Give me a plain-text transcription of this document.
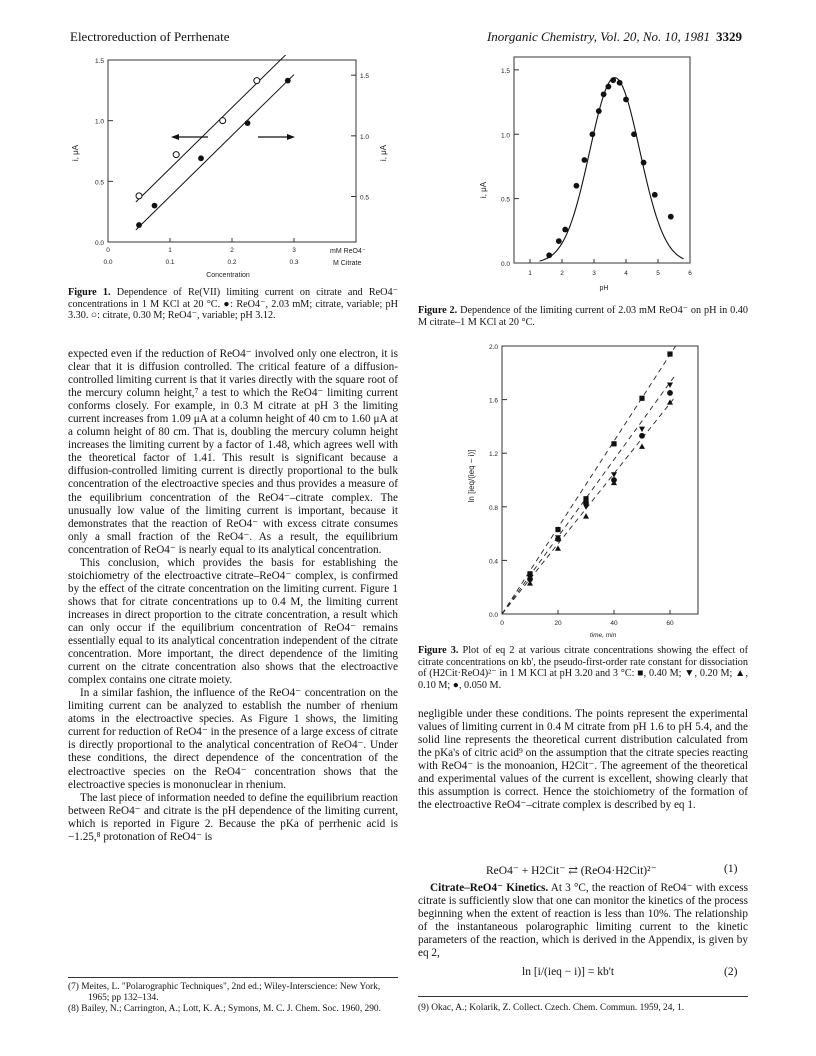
Electroreduction of Perrhenate	Inorganic Chemistry, Vol. 20, No. 10, 1981 3329
0.0
0.5
1.0
1.5
0.5
1.0
1.5
0.0
0
0.1
1
0.2
2
0.3
3
i, μA	i, μA
mM ReO4⁻
M Citrate
Concentration
Figure 1. Dependence of Re(VII) limiting current on citrate and ReO4⁻ concentrations in 1 M KCl at 20 °C. ●: ReO4⁻, 2.03 mM; citrate, variable; pH 3.30. ○: citrate, 0.30 M; ReO4⁻, variable; pH 3.12.
0.0
0.5
1.0
1.5
1	2	3	4	5	6
i, μA
pH
Figure 2. Dependence of the limiting current of 2.03 mM ReO4⁻ on pH in 0.40 M citrate–1 M KCl at 20 °C.
0.0
0.4
0.8
1.2
1.6
2.0
0	20	40	60
ln [ieq/(ieq − i)]
time, min
Figure 3. Plot of eq 2 at various citrate concentrations showing the effect of citrate concentrations on kb', the pseudo-first-order rate constant for dissociation of (H2Cit·ReO4)²⁻ in 1 M KCl at pH 3.20 and 3 °C: ■, 0.40 M; ▼, 0.20 M; ▲, 0.10 M; ●, 0.050 M.

expected even if the reduction of ReO4⁻ involved only one electron, it is clear that it is diffusion controlled. The critical feature of a diffusion-controlled limiting current is that it varies directly with the square root of the mercury column height,⁷ a test to which the ReO4⁻ limiting current conforms closely. For example, in 0.3 M citrate at pH 3 the limiting current increases from 1.09 μA at a column height of 40 cm to 1.60 μA at a column height of 80 cm. That is, doubling the mercury column height increases the limiting current by a factor of 1.48, which agrees well with the theoretical factor of 1.41. This result is significant because a diffusion-controlled limiting current is directly proportional to the bulk concentration of the electroactive species and thus provides a measure of the equilibrium concentration of the ReO4⁻–citrate complex. The unusually low value of the limiting current is important, because it demonstrates that the reaction of ReO4⁻ with excess citrate consumes only a small fraction of the ReO4⁻. As a result, the equilibrium concentration of ReO4⁻ is nearly equal to its analytical concentration.

This conclusion, which provides the basis for establishing the stoichiometry of the electroactive citrate–ReO4⁻ complex, is confirmed by the effect of the citrate concentration on the limiting current. Figure 1 shows that for citrate concentrations up to 0.4 M, the limiting current increases in direct proportion to the citrate concentration, a result which can only occur if the equilibrium concentration of ReO4⁻ remains essentially equal to its analytical concentration independent of the citrate concentration. More important, the direct dependence of the limiting current on the citrate concentration also shows that the electroactive complex contains one citrate moiety.

In a similar fashion, the influence of the ReO4⁻ concentration on the limiting current can be analyzed to establish the number of rhenium atoms in the electroactive species. As Figure 1 shows, the limiting current for reduction of ReO4⁻ in the presence of a large excess of citrate is directly proportional to the analytical concentration of ReO4⁻. Under these conditions, the direct dependence of the concentration of the electroactive species on the ReO4⁻ concentration shows that the electroactive species is mononuclear in rhenium.

The last piece of information needed to define the equilibrium reaction between ReO4⁻ and citrate is the pH dependence of the limiting current, which is reported in Figure 2. Because the pKa of perrhenic acid is −1.25,⁸ protonation of ReO4⁻ is

negligible under these conditions. The points represent the experimental values of limiting current in 0.4 M citrate from pH 1.6 to pH 5.4, and the solid line represents the theoretical current distribution calculated from the pKa's of citric acid⁹ on the assumption that the citrate species reacting with ReO4⁻ is the monoanion, H2Cit⁻. The agreement of the theoretical and experimental values of the current is excellent, showing clearly that this assumption is correct. Hence the stoichiometry of the formation of the electroactive ReO4⁻–citrate complex is described by eq 1.

ReO4⁻ + H2Cit⁻ ⇄ (ReO4·H2Cit)²⁻	(1)

Citrate–ReO4⁻ Kinetics. At 3 °C, the reaction of ReO4⁻ with excess citrate is sufficiently slow that one can monitor the kinetics of the process beginning when the extent of reaction is less than 10%. The relationship of the instantaneous polarographic limiting current to the kinetic parameters of the reaction, which is derived in the Appendix, is given by eq 2,

ln [i/(ieq − i)] = kb't	(2)
(7) Meites, L. "Polarographic Techniques", 2nd ed.; Wiley-Interscience: New York, 1965; pp 132–134.
(8) Bailey, N.; Carrington, A.; Lott, K. A.; Symons, M. C. J. Chem. Soc. 1960, 290.	(9) Okac, A.; Kolarik, Z. Collect. Czech. Chem. Commun. 1959, 24, 1.
